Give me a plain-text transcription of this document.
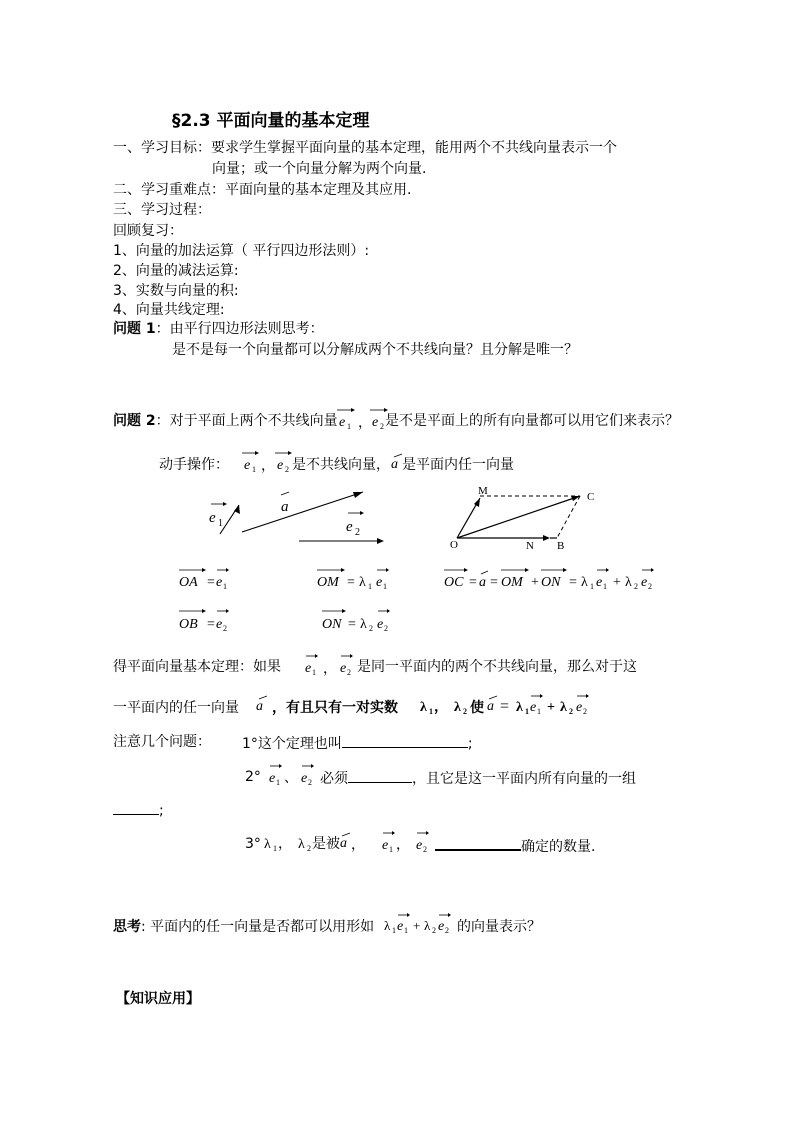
§2.3 平面向量的基本定理
一、学习目标：要求学生掌握平面向量的基本定理，能用两个不共线向量表示一个
向量；或一个向量分解为两个向量.
二、学习重难点：平面向量的基本定理及其应用.
三、学习过程：
回顾复习：
1、向量的加法运算（ 平行四边形法则）:
2、向量的减法运算:
3、实数与向量的积:
4、向量共线定理:
问题 1：由平行四边形法则思考：
是不是每一个向量都可以分解成两个不共线向量？且分解是唯一？
问题 2：对于平面上两个不共线向量 e 1 ， e 2 是不是平面上的所有向量都可以用它们来表示？
动手操作： e 1 ， e 2 是不共线向量， a 是平面内任一向量
e 1
a
e 2
M	C
O	N B
OA = e 1
OB = e 2
OM = λ 1 e 1
ON = λ 2 e 2
OC = a = OM + ON = λ 1 e 1 + λ 2 e 2
得平面向量基本定理：如果 e 1 ， e 2 是同一平面内的两个不共线向量，那么对于这
一平面内的任一向量 a ，有且只有一对实数 λ 1 ， λ 2 使 a = λ 1 e 1 + λ 2 e 2
注意几个问题： 1°这个定理也叫	;
2° e 1 、 e 2 必须	，且它是这一平面内所有向量的一组
;
3° λ 1 ， λ 2 是被 a ， e 1 ， e 2	确定的数量.
思考: 平面内的任一向量是否都可以用形如 λ 1 e 1 + λ 2 e 2 的向量表示？
【知识应用】
